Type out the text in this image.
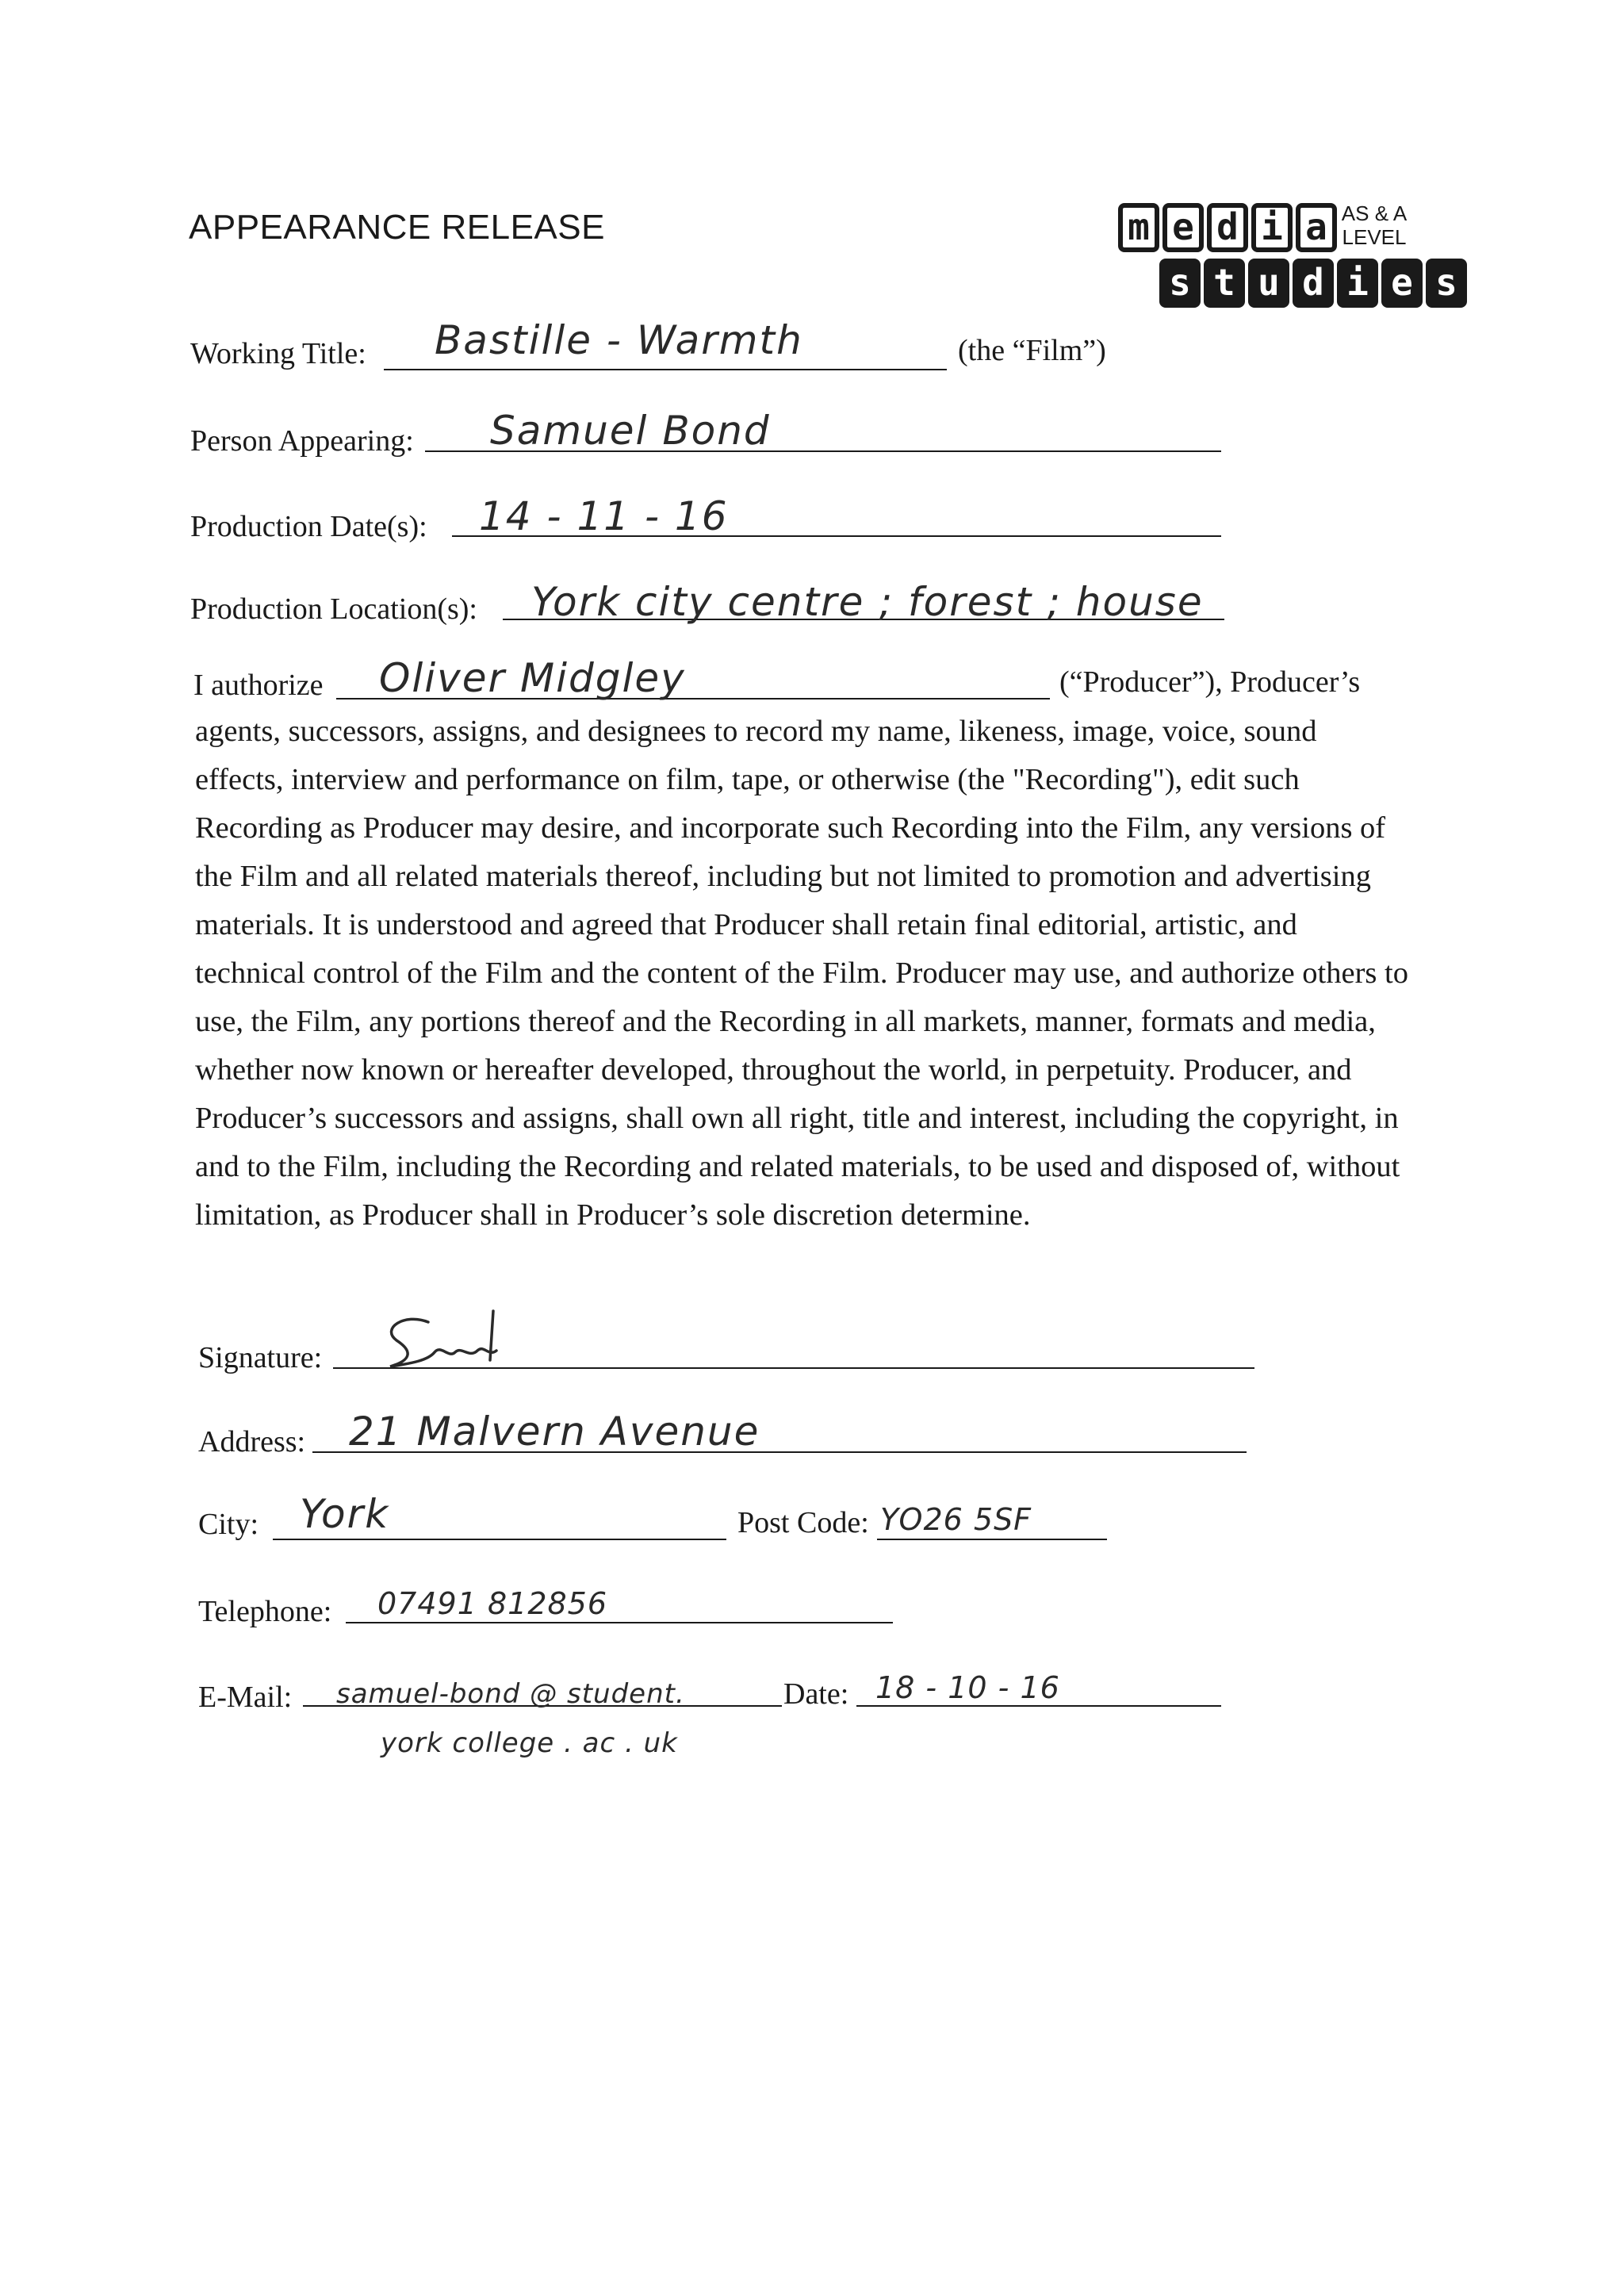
APPEARANCE RELEASE	m e d i a AS & A LEVEL
s t u d i e s
Working Title: Bastille - Warmth	(the “Film”)
Person Appearing: Samuel Bond
Production Date(s): 14 - 11 - 16
Production Location(s): York city centre ; forest ; house
I authorize Oliver Midgley	(“Producer”), Producer’s
agents, successors, assigns, and designees to record my name, likeness, image, voice, sound effects, interview and performance on film, tape, or otherwise (the "Recording"), edit such Recording as Producer may desire, and incorporate such Recording into the Film, any versions of the Film and all related materials thereof, including but not limited to promotion and advertising materials. It is understood and agreed that Producer shall retain final editorial, artistic, and technical control of the Film and the content of the Film. Producer may use, and authorize others to use, the Film, any portions thereof and the Recording in all markets, manner, formats and media, whether now known or hereafter developed, throughout the world, in perpetuity. Producer, and Producer’s successors and assigns, shall own all right, title and interest, including the copyright, in and to the Film, including the Recording and related materials, to be used and disposed of, without limitation, as Producer shall in Producer’s sole discretion determine.
Signature:
Address: 21 Malvern Avenue
City: York	Post Code: YO26 5SF
Telephone: 07491 812856
E-Mail: samuel-bond @ student.
york college . ac . uk
Date: 18 - 10 - 16
